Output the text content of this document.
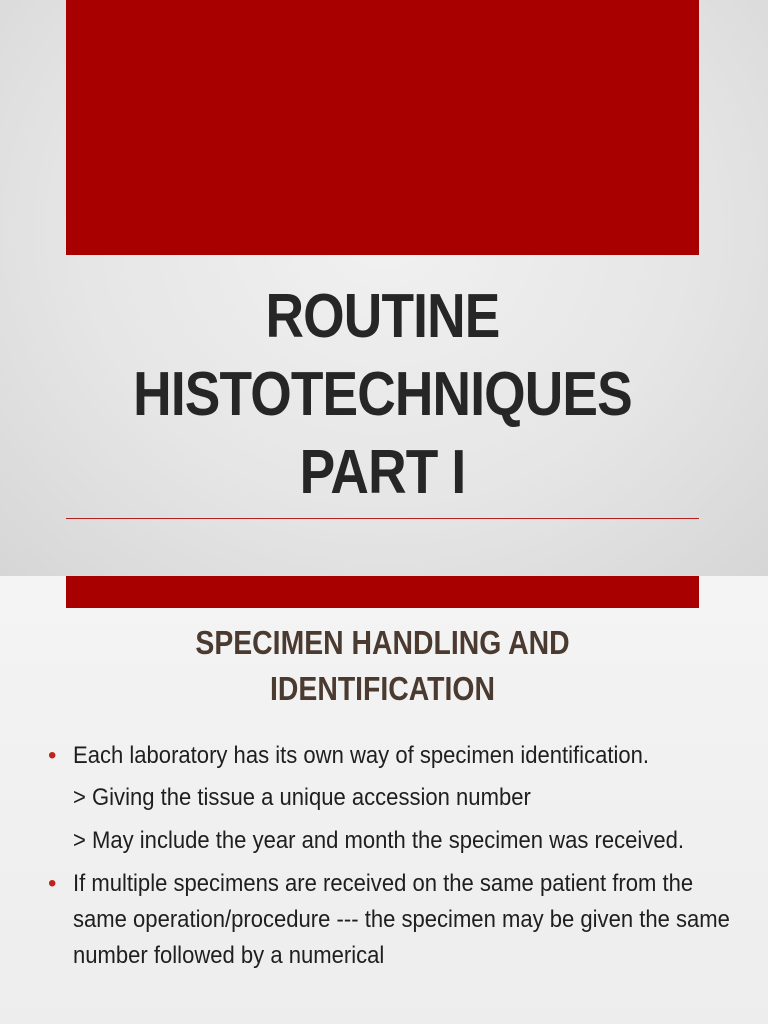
ROUTINE
HISTOTECHNIQUES
PART I
SPECIMEN HANDLING AND
IDENTIFICATION
• Each laboratory has its own way of specimen identification.
> Giving the tissue a unique accession number
> May include the year and month the specimen was received.
• If multiple specimens are received on the same patient from the same operation/procedure --- the specimen may be given the same number followed by a numerical
